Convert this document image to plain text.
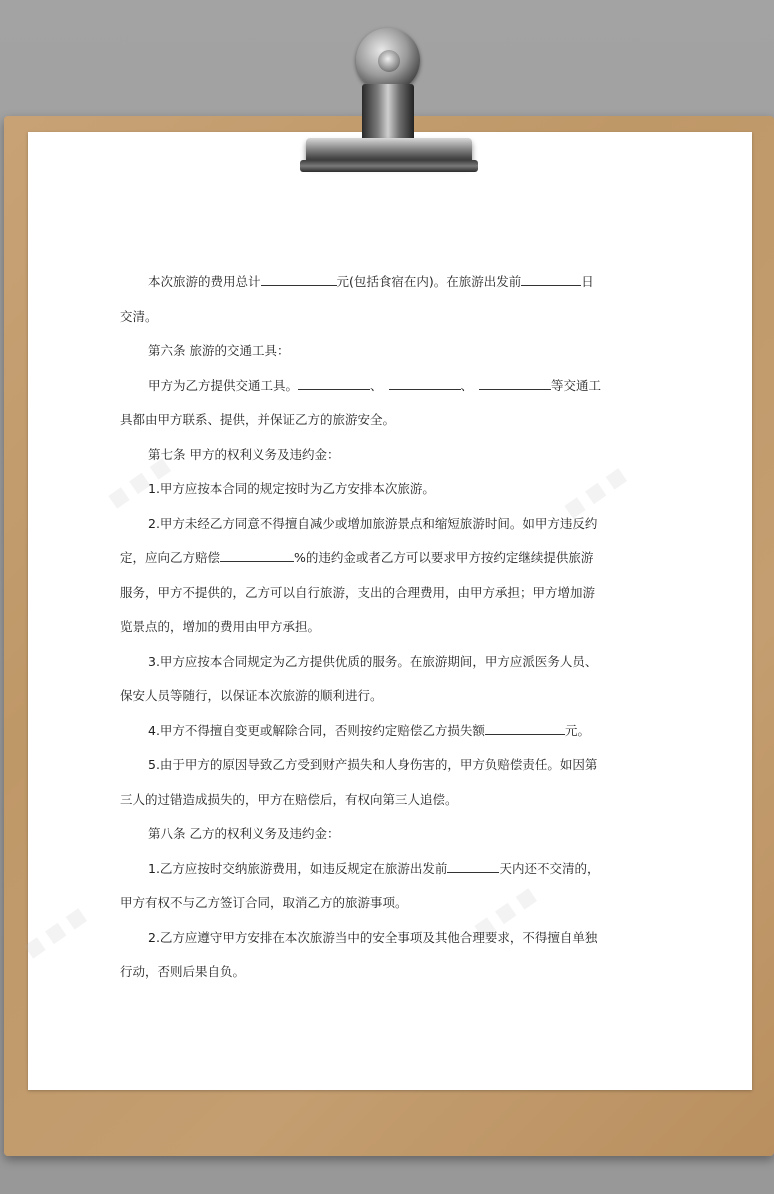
本次旅游的费用总计	元(包括食宿在内)。在旅游出发前	日
交清。
第六条 旅游的交通工具：
甲方为乙方提供交通工具。	、	、	等交通工
具都由甲方联系、提供，并保证乙方的旅游安全。
第七条 甲方的权利义务及违约金：
1.甲方应按本合同的规定按时为乙方安排本次旅游。
2.甲方未经乙方同意不得擅自减少或增加旅游景点和缩短旅游时间。如甲方违反约
定，应向乙方赔偿	%的违约金或者乙方可以要求甲方按约定继续提供旅游
服务，甲方不提供的，乙方可以自行旅游，支出的合理费用，由甲方承担；甲方增加游
览景点的，增加的费用由甲方承担。
3.甲方应按本合同规定为乙方提供优质的服务。在旅游期间，甲方应派医务人员、
保安人员等随行，以保证本次旅游的顺利进行。
4.甲方不得擅自变更或解除合同，否则按约定赔偿乙方损失额	元。
5.由于甲方的原因导致乙方受到财产损失和人身伤害的，甲方负赔偿责任。如因第
三人的过错造成损失的，甲方在赔偿后，有权向第三人追偿。
第八条 乙方的权利义务及违约金：
1.乙方应按时交纳旅游费用，如违反规定在旅游出发前	天内还不交清的，
甲方有权不与乙方签订合同，取消乙方的旅游事项。
2.乙方应遵守甲方安排在本次旅游当中的安全事项及其他合理要求，不得擅自单独
行动，否则后果自负。
